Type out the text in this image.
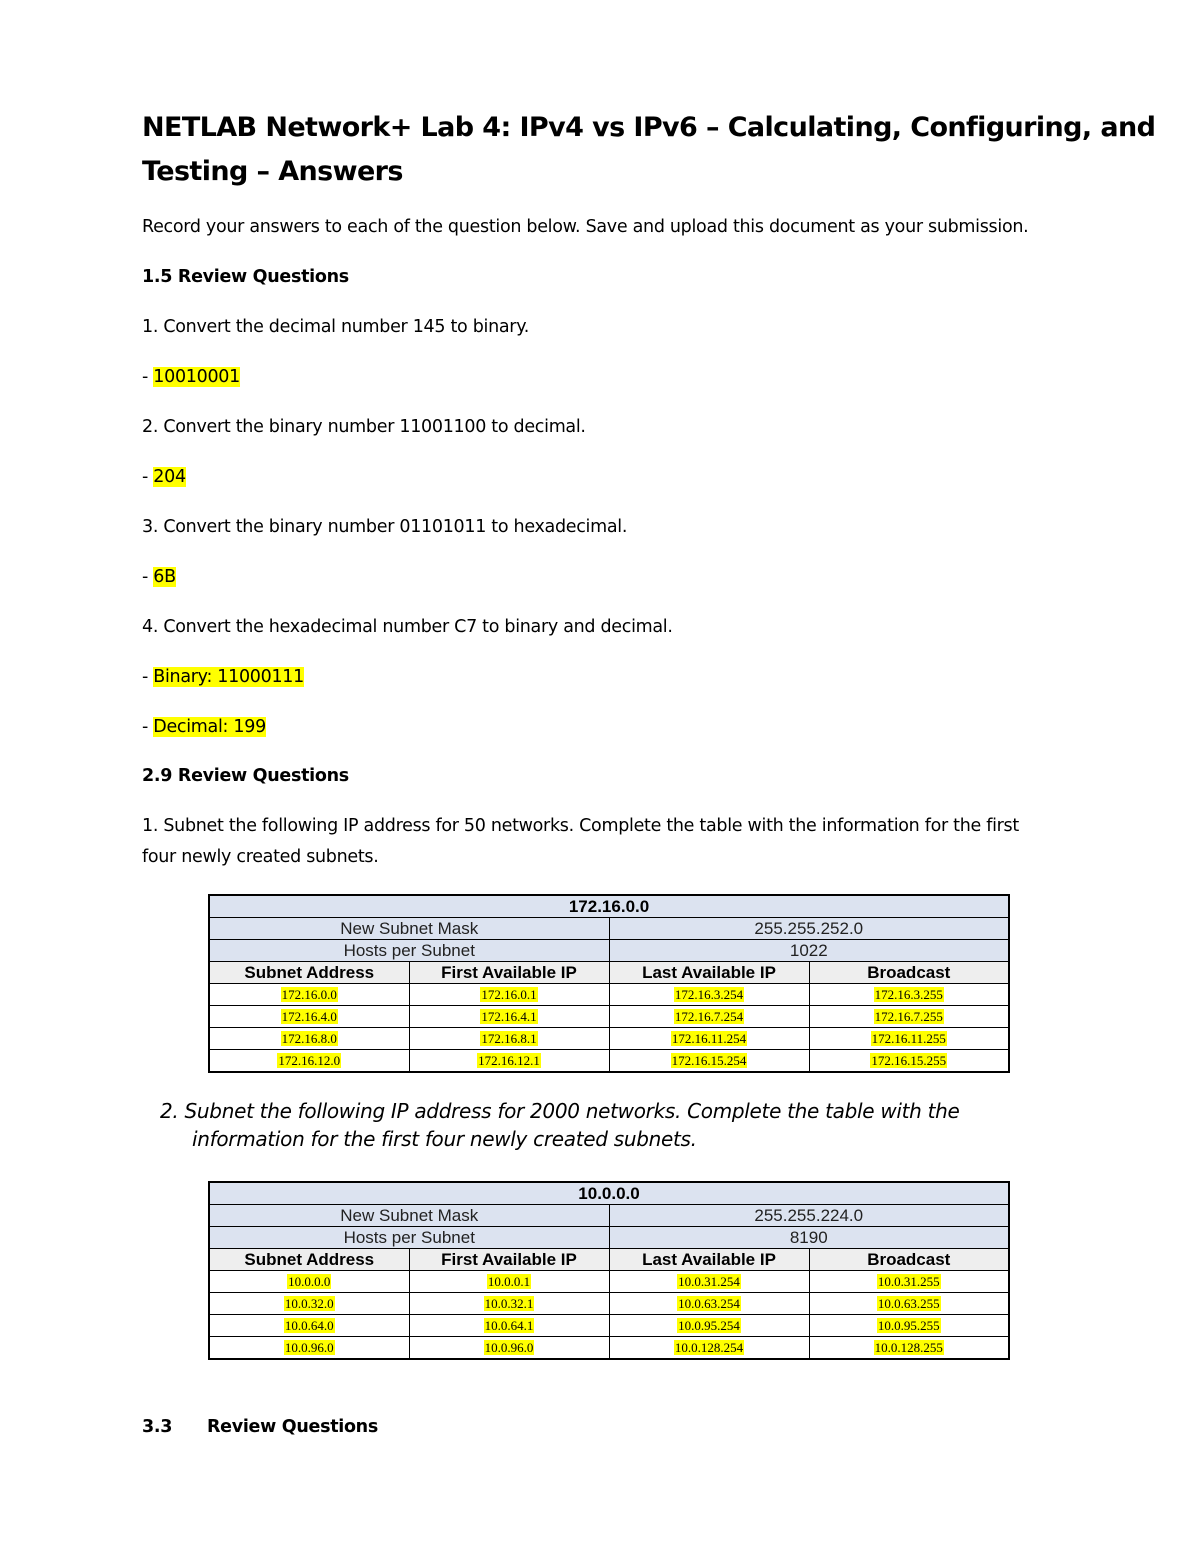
NETLAB Network+ Lab 4: IPv4 vs IPv6 – Calculating, Configuring, and
Testing – Answers
Record your answers to each of the question below. Save and upload this document as your submission.
1.5 Review Questions
1. Convert the decimal number 145 to binary.
- 10010001
2. Convert the binary number 11001100 to decimal.
- 204
3. Convert the binary number 01101011 to hexadecimal.
- 6B
4. Convert the hexadecimal number C7 to binary and decimal.
- Binary: 11000111
- Decimal: 199
2.9 Review Questions
1. Subnet the following IP address for 50 networks. Complete the table with the information for the first
four newly created subnets.
172.16.0.0			
New Subnet Mask		255.255.252.0	
Hosts per Subnet		1022	
Subnet Address	First Available IP	Last Available IP	Broadcast
172.16.0.0	172.16.0.1	172.16.3.254	172.16.3.255
172.16.4.0	172.16.4.1	172.16.7.254	172.16.7.255
172.16.8.0	172.16.8.1	172.16.11.254	172.16.11.255
172.16.12.0	172.16.12.1	172.16.15.254	172.16.15.255
2. Subnet the following IP address for 2000 networks. Complete the table with the
information for the first four newly created subnets.
10.0.0.0			
New Subnet Mask		255.255.224.0	
Hosts per Subnet		8190	
Subnet Address	First Available IP	Last Available IP	Broadcast
10.0.0.0	10.0.0.1	10.0.31.254	10.0.31.255
10.0.32.0	10.0.32.1	10.0.63.254	10.0.63.255
10.0.64.0	10.0.64.1	10.0.95.254	10.0.95.255
10.0.96.0	10.0.96.0	10.0.128.254	10.0.128.255
3.3 Review Questions
